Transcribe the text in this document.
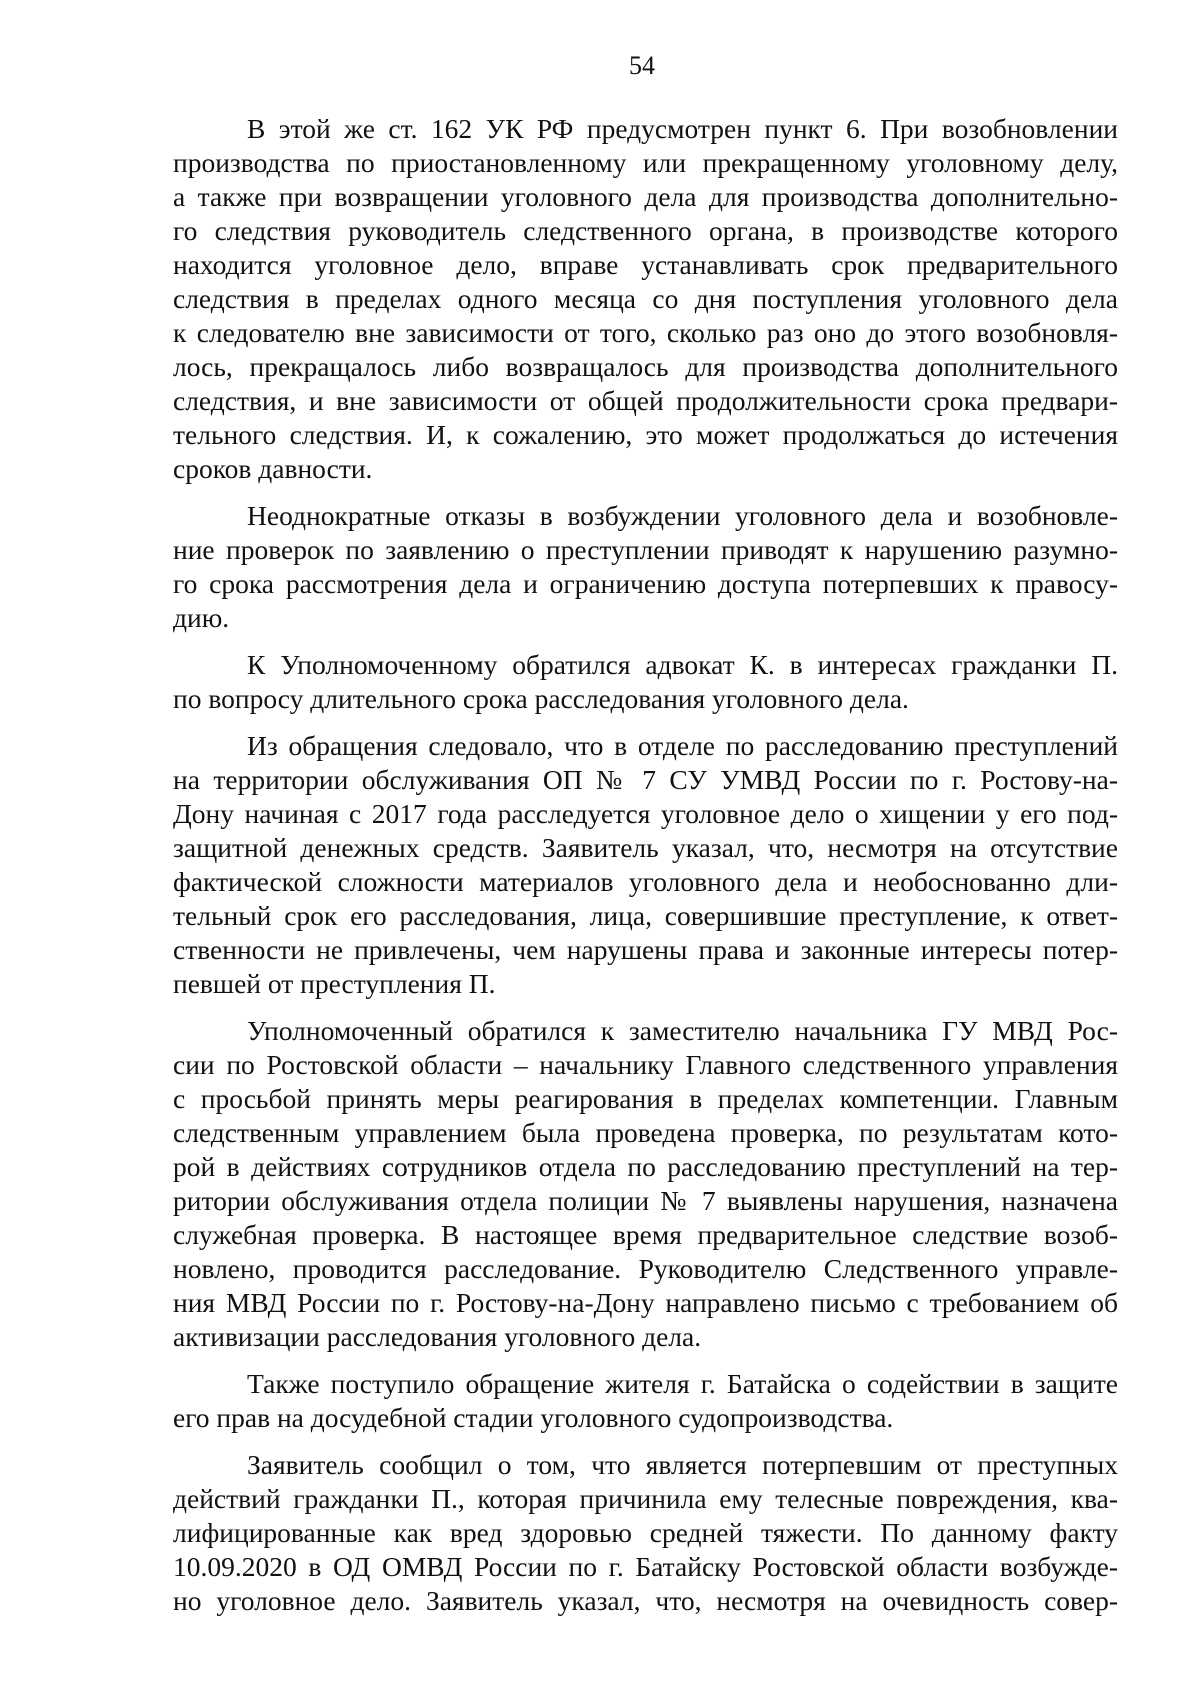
54

В этой же ст. 162 УК РФ предусмотрен пункт 6. При возобновлении
производства по приостановленному или прекращенному уголовному делу,
а также при возвращении уголовного дела для производства дополнительно-
го следствия руководитель следственного органа, в производстве которого
находится уголовное дело, вправе устанавливать срок предварительного
следствия в пределах одного месяца со дня поступления уголовного дела
к следователю вне зависимости от того, сколько раз оно до этого возобновля-
лось, прекращалось либо возвращалось для производства дополнительного
следствия, и вне зависимости от общей продолжительности срока предвари-
тельного следствия. И, к сожалению, это может продолжаться до истечения
сроков давности.

Неоднократные отказы в возбуждении уголовного дела и возобновле-
ние проверок по заявлению о преступлении приводят к нарушению разумно-
го срока рассмотрения дела и ограничению доступа потерпевших к правосу-
дию.

К Уполномоченному обратился адвокат К. в интересах гражданки П.
по вопросу длительного срока расследования уголовного дела.

Из обращения следовало, что в отделе по расследованию преступлений
на территории обслуживания ОП № 7 СУ УМВД России по г. Ростову-на-
Дону начиная с 2017 года расследуется уголовное дело о хищении у его под-
защитной денежных средств. Заявитель указал, что, несмотря на отсутствие
фактической сложности материалов уголовного дела и необоснованно дли-
тельный срок его расследования, лица, совершившие преступление, к ответ-
ственности не привлечены, чем нарушены права и законные интересы потер-
певшей от преступления П.

Уполномоченный обратился к заместителю начальника ГУ МВД Рос-
сии по Ростовской области – начальнику Главного следственного управления
с просьбой принять меры реагирования в пределах компетенции. Главным
следственным управлением была проведена проверка, по результатам кото-
рой в действиях сотрудников отдела по расследованию преступлений на тер-
ритории обслуживания отдела полиции № 7 выявлены нарушения, назначена
служебная проверка. В настоящее время предварительное следствие возоб-
новлено, проводится расследование. Руководителю Следственного управле-
ния МВД России по г. Ростову-на-Дону направлено письмо с требованием об
активизации расследования уголовного дела.

Также поступило обращение жителя г. Батайска о содействии в защите
его прав на досудебной стадии уголовного судопроизводства.

Заявитель сообщил о том, что является потерпевшим от преступных
действий гражданки П., которая причинила ему телесные повреждения, ква-
лифицированные как вред здоровью средней тяжести. По данному факту
10.09.2020 в ОД ОМВД России по г. Батайску Ростовской области возбужде-
но уголовное дело. Заявитель указал, что, несмотря на очевидность совер-
